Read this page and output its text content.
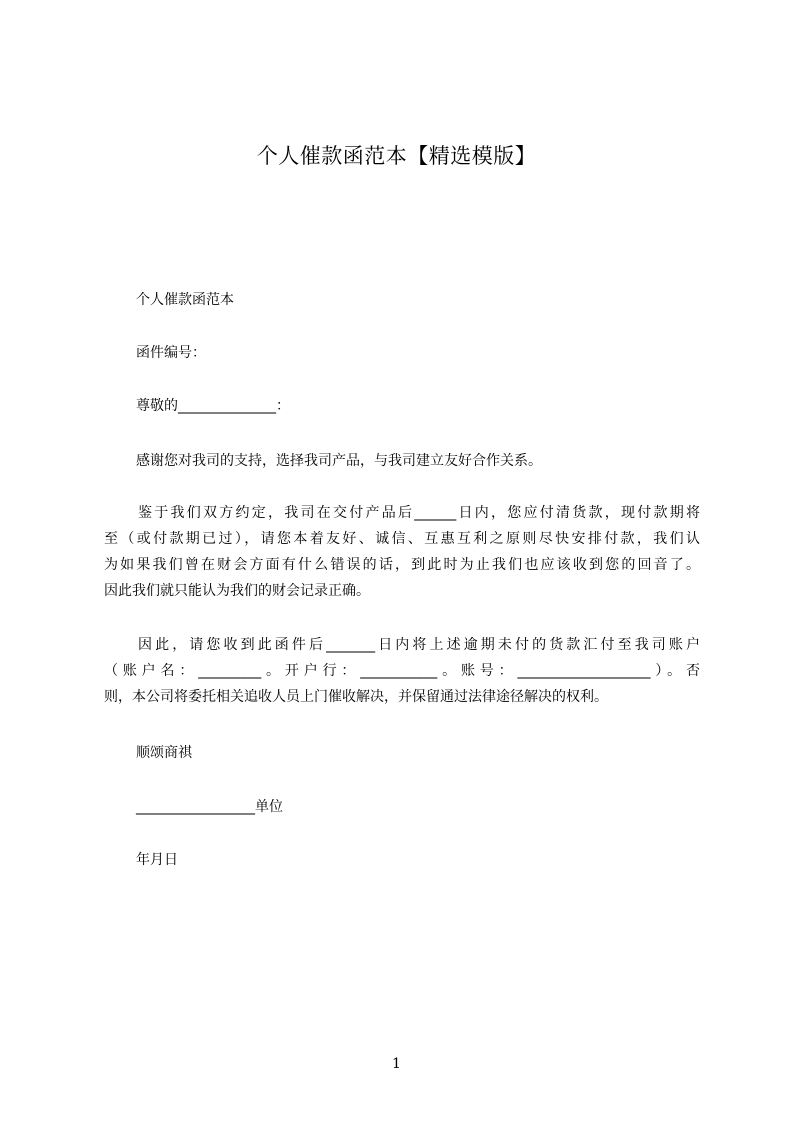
个人催款函范本【精选模版】
个人催款函范本
函件编号：
尊敬的______________：
感谢您对我司的支持，选择我司产品，与我司建立友好合作关系。
鉴于我们双方约定，我司在交付产品后______日内，您应付清货款，现付款期将
至（或付款期已过），请您本着友好、诚信、互惠互利之原则尽快安排付款，我们认
为如果我们曾在财会方面有什么错误的话，到此时为止我们也应该收到您的回音了。
因此我们就只能认为我们的财会记录正确。
因此，请您收到此函件后_______日内将上述逾期未付的货款汇付至我司账户
（账户名：_________。开户行：___________。账号：___________________）。否
则，本公司将委托相关追收人员上门催收解决，并保留通过法律途径解决的权利。
顺颂商祺
_________________单位
年月日
1
